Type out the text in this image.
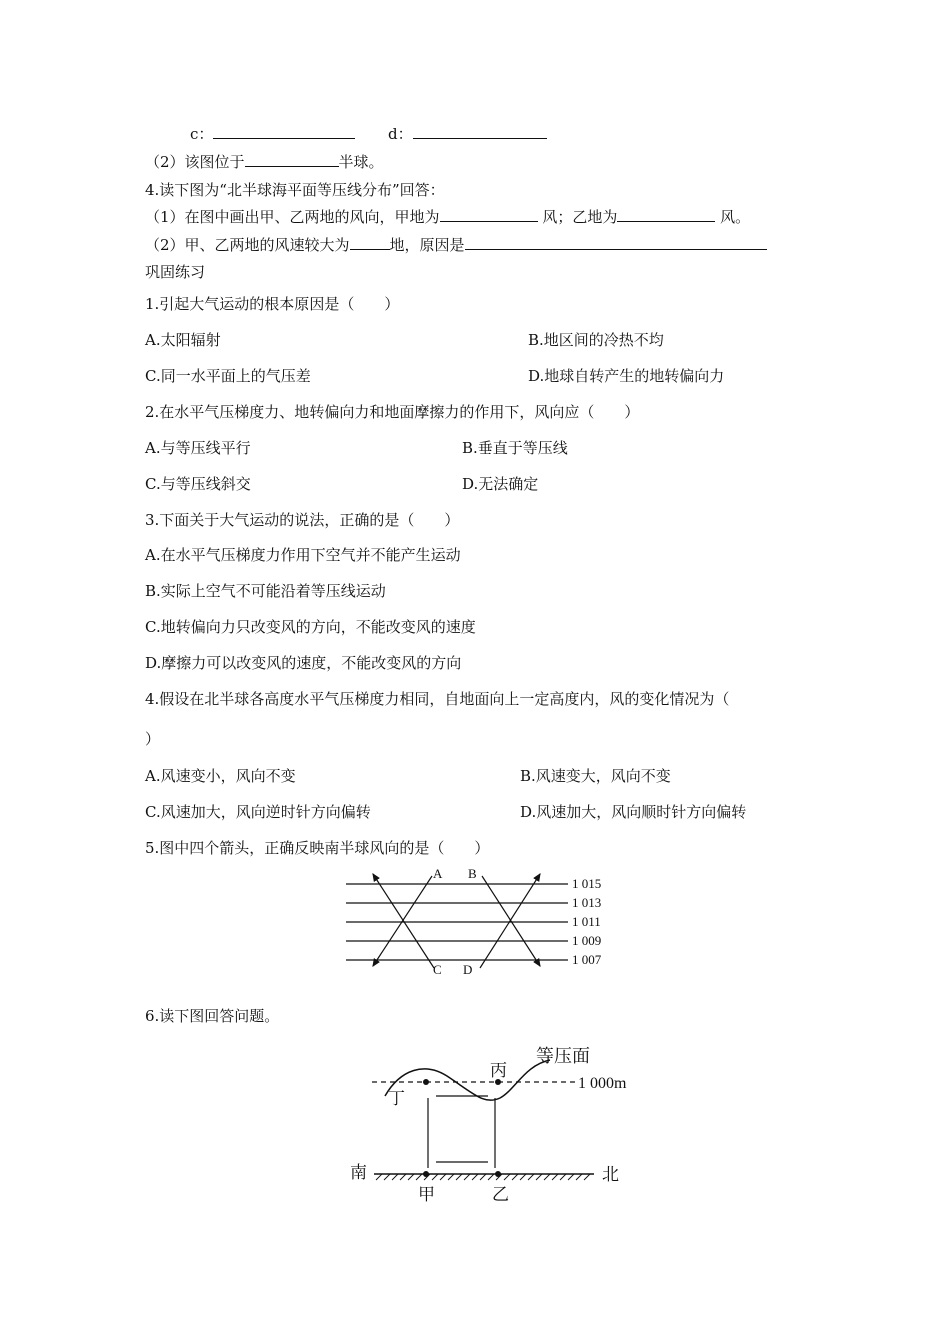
c：	d：
（2）该图位于	半球。
4.读下图为“北半球海平面等压线分布”回答：
（1）在图中画出甲、乙两地的风向，甲地为	风；乙地为	风。
（2）甲、乙两地的风速较大为	地，原因是
巩固练习
1.引起大气运动的根本原因是（　　）
A.太阳辐射	B.地区间的冷热不均
C.同一水平面上的气压差	D.地球自转产生的地转偏向力
2.在水平气压梯度力、地转偏向力和地面摩擦力的作用下，风向应（　　）
A.与等压线平行	B.垂直于等压线
C.与等压线斜交	D.无法确定
3.下面关于大气运动的说法，正确的是（　　）
A.在水平气压梯度力作用下空气并不能产生运动
B.实际上空气不可能沿着等压线运动
C.地转偏向力只改变风的方向，不能改变风的速度
D.摩擦力可以改变风的速度，不能改变风的方向
4.假设在北半球各高度水平气压梯度力相同，自地面向上一定高度内，风的变化情况为（
）
A.风速变小，风向不变	B.风速变大，风向不变
C.风速加大，风向逆时针方向偏转	D.风速加大，风向顺时针方向偏转
5.图中四个箭头，正确反映南半球风向的是（　　）
A B
C D
1 015
1 013
1 011
1 009
1 007
6.读下图回答问题。
等压面
1 000m
南	北
丁
丙
甲	乙
